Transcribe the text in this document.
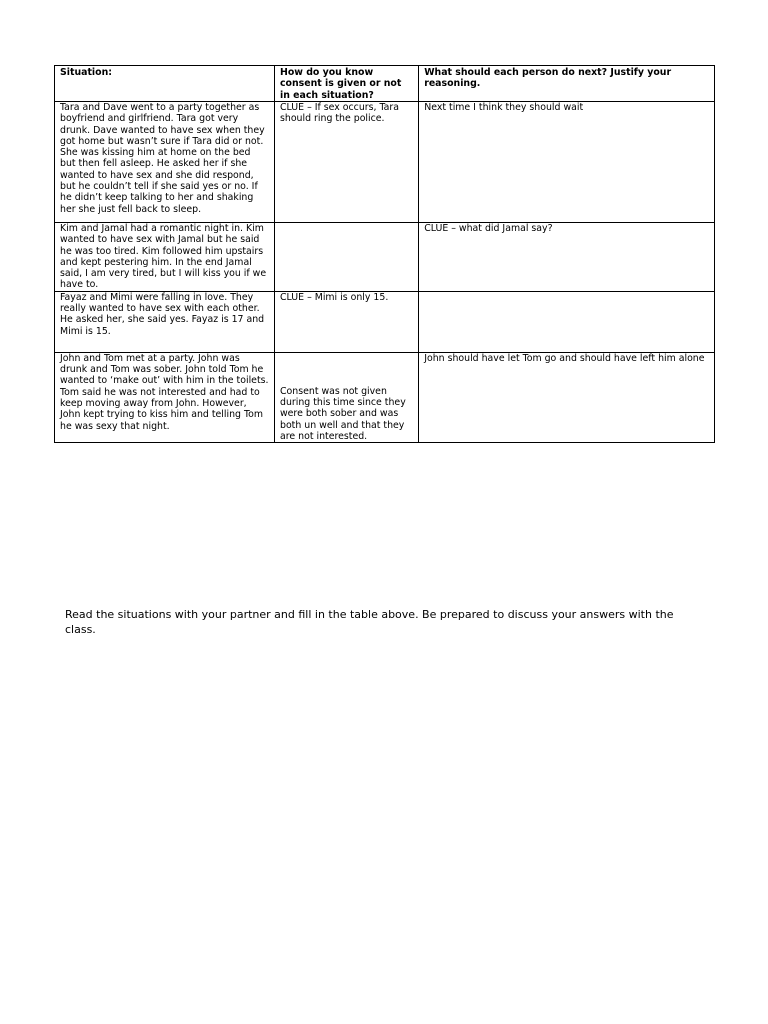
Situation:	How do you know consent is given or not in each situation?	What should each person do next? Justify your reasoning.
Tara and Dave went to a party together as boyfriend and girlfriend. Tara got very drunk. Dave wanted to have sex when they got home but wasn’t sure if Tara did or not. She was kissing him at home on the bed but then fell asleep. He asked her if she wanted to have sex and she did respond, but he couldn’t tell if she said yes or no. If he didn’t keep talking to her and shaking her she just fell back to sleep.	CLUE – If sex occurs, Tara should ring the police.	Next time I think they should wait
Kim and Jamal had a romantic night in. Kim wanted to have sex with Jamal but he said he was too tired. Kim followed him upstairs and kept pestering him. In the end Jamal said, I am very tired, but I will kiss you if we have to.		CLUE – what did Jamal say?
Fayaz and Mimi were falling in love. They really wanted to have sex with each other. He asked her, she said yes. Fayaz is 17 and Mimi is 15.	CLUE – Mimi is only 15.	
John and Tom met at a party. John was drunk and Tom was sober. John told Tom he wanted to ‘make out’ with him in the toilets. Tom said he was not interested and had to keep moving away from John. However, John kept trying to kiss him and telling Tom he was sexy that night.	Consent was not given during this time since they were both sober and was both un well and that they are not interested.	John should have let Tom go and should have left him alone

Read the situations with your partner and fill in the table above. Be prepared to discuss your answers with the class.
